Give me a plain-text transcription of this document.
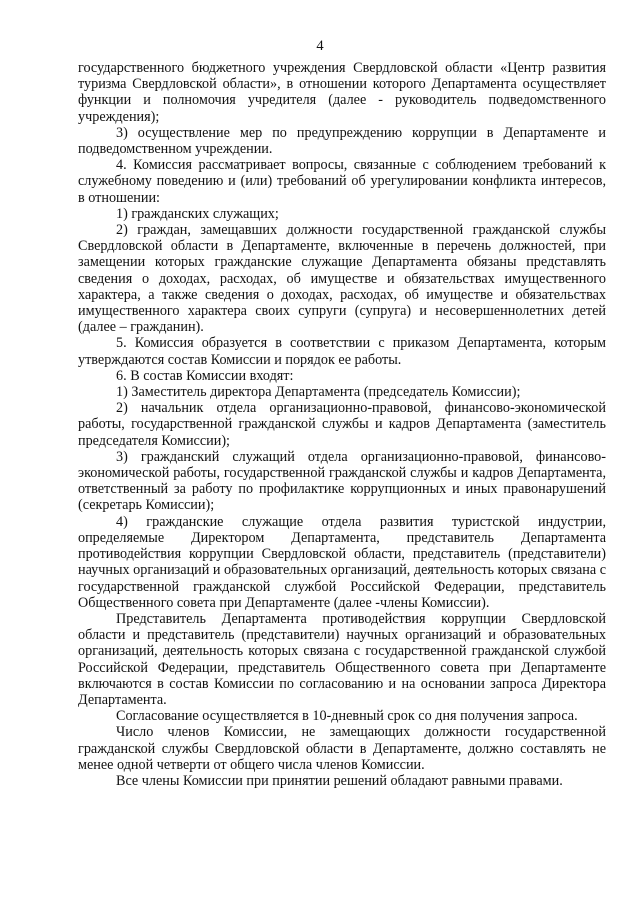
4

государственного бюджетного учреждения Свердловской области «Центр развития туризма Свердловской области», в отношении которого Департамента осуществляет функции и полномочия учредителя (далее - руководитель подведомственного учреждения);

3) осуществление мер по предупреждению коррупции в Департаменте и подведомственном учреждении.

4. Комиссия рассматривает вопросы, связанные с соблюдением требований к служебному поведению и (или) требований об урегулировании конфликта интересов, в отношении:

1) гражданских служащих;

2) граждан, замещавших должности государственной гражданской службы Свердловской области в Департаменте, включенные в перечень должностей, при замещении которых гражданские служащие Департамента обязаны представлять сведения о доходах, расходах, об имуществе и обязательствах имущественного характера, а также сведения о доходах, расходах, об имуществе и обязательствах имущественного характера своих супруги (супруга) и несовершеннолетних детей (далее – гражданин).

5. Комиссия образуется в соответствии с приказом Департамента, которым утверждаются состав Комиссии и порядок ее работы.

6. В состав Комиссии входят:

1) Заместитель директора Департамента (председатель Комиссии);

2) начальник отдела организационно-правовой, финансово-экономической работы, государственной гражданской службы и кадров Департамента (заместитель председателя Комиссии);

3) гражданский служащий отдела организационно-правовой, финансово-экономической работы, государственной гражданской службы и кадров Департамента, ответственный за работу по профилактике коррупционных и иных правонарушений (секретарь Комиссии);

4) гражданские служащие отдела развития туристской индустрии, определяемые Директором Департамента, представитель Департамента противодействия коррупции Свердловской области, представитель (представители) научных организаций и образовательных организаций, деятельность которых связана с государственной гражданской службой Российской Федерации, представитель Общественного совета при Департаменте (далее -члены Комиссии).

Представитель Департамента противодействия коррупции Свердловской области и представитель (представители) научных организаций и образовательных организаций, деятельность которых связана с государственной гражданской службой Российской Федерации, представитель Общественного совета при Департаменте включаются в состав Комиссии по согласованию и на основании запроса Директора Департамента.

Согласование осуществляется в 10-дневный срок со дня получения запроса.

Число членов Комиссии, не замещающих должности государственной гражданской службы Свердловской области в Департаменте, должно составлять не менее одной четверти от общего числа членов Комиссии.

Все члены Комиссии при принятии решений обладают равными правами.
